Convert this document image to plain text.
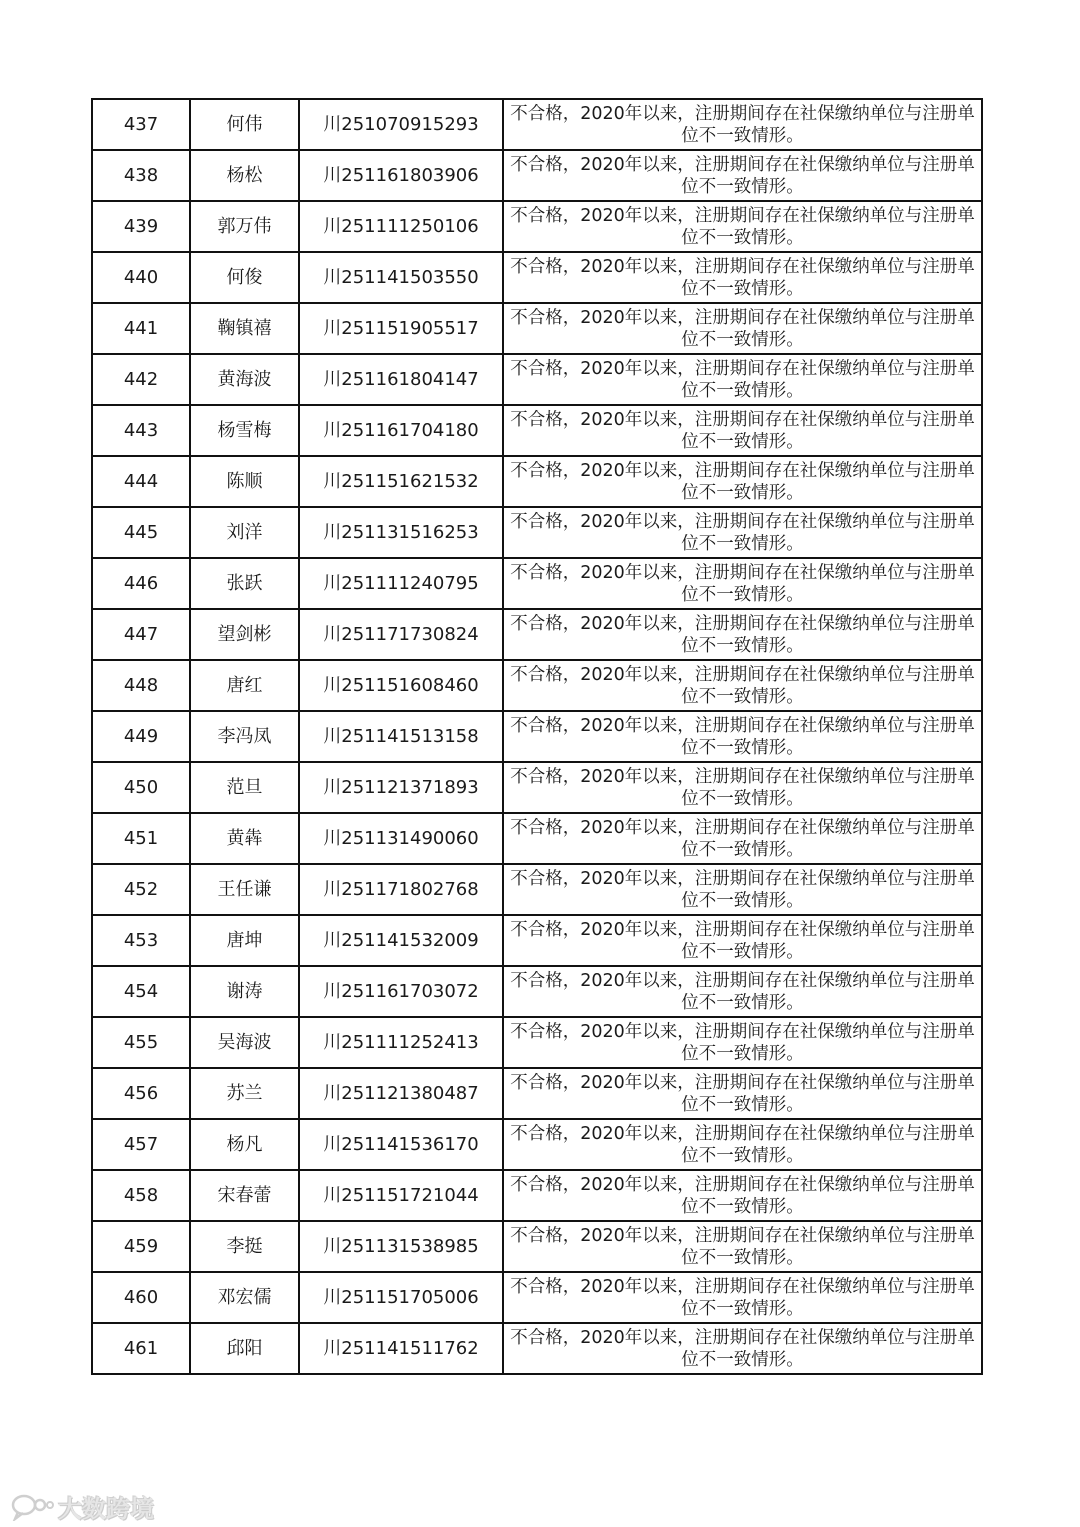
437	何伟	川251070915293	不合格，2020年以来，注册期间存在社保缴纳单位与注册单位不一致情形。
438	杨松	川251161803906	不合格，2020年以来，注册期间存在社保缴纳单位与注册单位不一致情形。
439	郭万伟	川251111250106	不合格，2020年以来，注册期间存在社保缴纳单位与注册单位不一致情形。
440	何俊	川251141503550	不合格，2020年以来，注册期间存在社保缴纳单位与注册单位不一致情形。
441	鞠镇禧	川251151905517	不合格，2020年以来，注册期间存在社保缴纳单位与注册单位不一致情形。
442	黄海波	川251161804147	不合格，2020年以来，注册期间存在社保缴纳单位与注册单位不一致情形。
443	杨雪梅	川251161704180	不合格，2020年以来，注册期间存在社保缴纳单位与注册单位不一致情形。
444	陈顺	川251151621532	不合格，2020年以来，注册期间存在社保缴纳单位与注册单位不一致情形。
445	刘洋	川251131516253	不合格，2020年以来，注册期间存在社保缴纳单位与注册单位不一致情形。
446	张跃	川251111240795	不合格，2020年以来，注册期间存在社保缴纳单位与注册单位不一致情形。
447	望剑彬	川251171730824	不合格，2020年以来，注册期间存在社保缴纳单位与注册单位不一致情形。
448	唐红	川251151608460	不合格，2020年以来，注册期间存在社保缴纳单位与注册单位不一致情形。
449	李冯凤	川251141513158	不合格，2020年以来，注册期间存在社保缴纳单位与注册单位不一致情形。
450	范旦	川251121371893	不合格，2020年以来，注册期间存在社保缴纳单位与注册单位不一致情形。
451	黄犇	川251131490060	不合格，2020年以来，注册期间存在社保缴纳单位与注册单位不一致情形。
452	王任谦	川251171802768	不合格，2020年以来，注册期间存在社保缴纳单位与注册单位不一致情形。
453	唐坤	川251141532009	不合格，2020年以来，注册期间存在社保缴纳单位与注册单位不一致情形。
454	谢涛	川251161703072	不合格，2020年以来，注册期间存在社保缴纳单位与注册单位不一致情形。
455	吴海波	川251111252413	不合格，2020年以来，注册期间存在社保缴纳单位与注册单位不一致情形。
456	苏兰	川251121380487	不合格，2020年以来，注册期间存在社保缴纳单位与注册单位不一致情形。
457	杨凡	川251141536170	不合格，2020年以来，注册期间存在社保缴纳单位与注册单位不一致情形。
458	宋春蕾	川251151721044	不合格，2020年以来，注册期间存在社保缴纳单位与注册单位不一致情形。
459	李挺	川251131538985	不合格，2020年以来，注册期间存在社保缴纳单位与注册单位不一致情形。
460	邓宏儒	川251151705006	不合格，2020年以来，注册期间存在社保缴纳单位与注册单位不一致情形。
461	邱阳	川251141511762	不合格，2020年以来，注册期间存在社保缴纳单位与注册单位不一致情形。
大数跨境
